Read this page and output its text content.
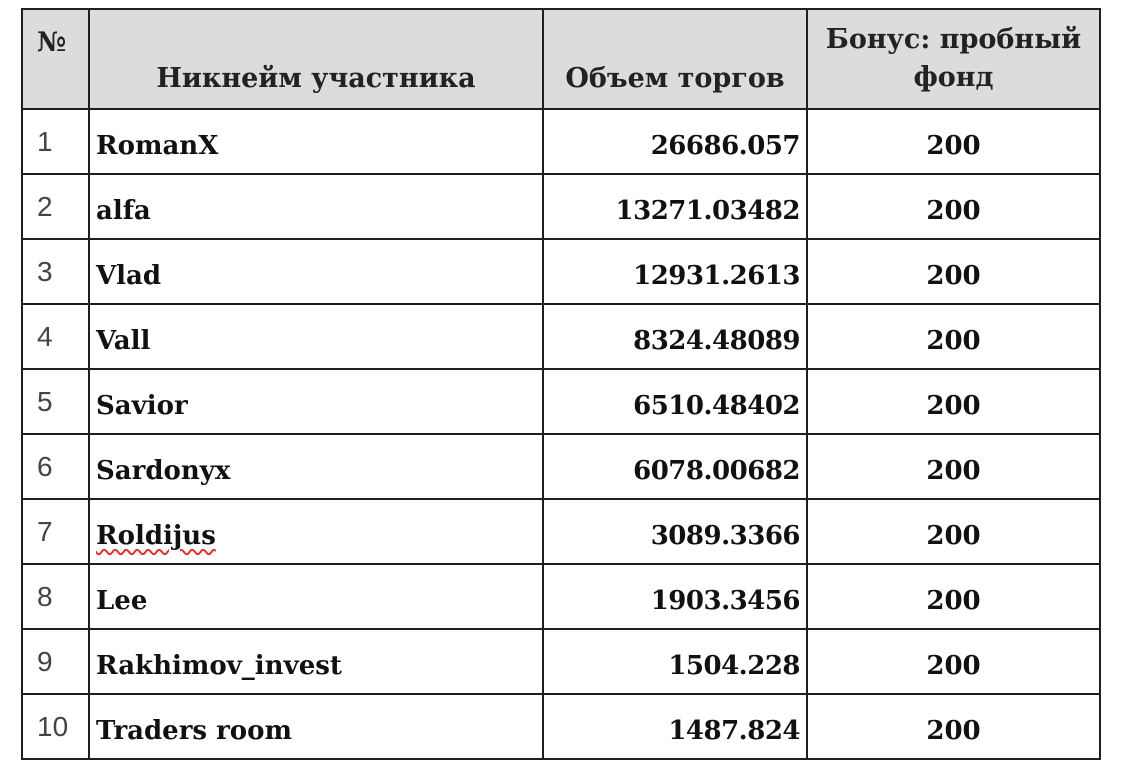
№	Никнейм участника	Объем торгов	Бонус: пробный фонд
1	RomanX	26686.057	200
2	alfa	13271.03482	200
3	Vlad	12931.2613	200
4	Vall	8324.48089	200
5	Savior	6510.48402	200
6	Sardonyx	6078.00682	200
7	Roldijus	3089.3366	200
8	Lee	1903.3456	200
9	Rakhimov_invest	1504.228	200
10	Traders room	1487.824	200
